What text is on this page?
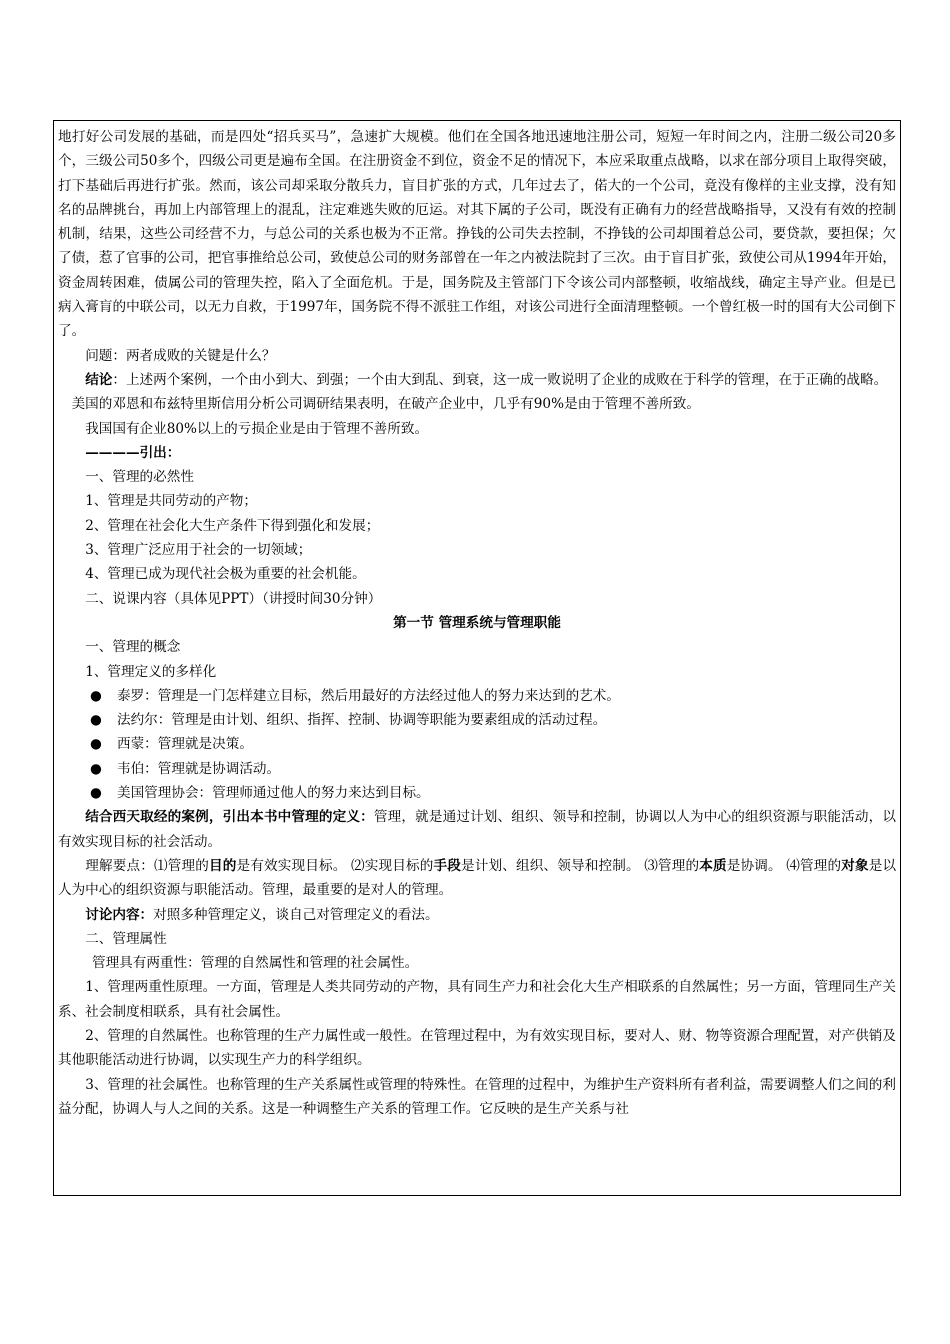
地打好公司发展的基础，而是四处“招兵买马”，急速扩大规模。他们在全国各地迅速地注册公司，短短一年时间之内，注册二级公司20多个，三级公司50多个，四级公司更是遍布全国。在注册资金不到位，资金不足的情况下，本应采取重点战略，以求在部分项目上取得突破，打下基础后再进行扩张。然而，该公司却采取分散兵力，盲目扩张的方式，几年过去了，偌大的一个公司，竟没有像样的主业支撑，没有知名的品牌挑台，再加上内部管理上的混乱，注定难逃失败的厄运。对其下属的子公司，既没有正确有力的经营战略指导，又没有有效的控制机制，结果，这些公司经营不力，与总公司的关系也极为不正常。挣钱的公司失去控制，不挣钱的公司却围着总公司，要贷款，要担保；欠了债，惹了官事的公司，把官事推给总公司，致使总公司的财务部曾在一年之内被法院封了三次。由于盲目扩张，致使公司从1994年开始，资金周转困难，债属公司的管理失控，陷入了全面危机。于是，国务院及主管部门下令该公司内部整顿，收缩战线，确定主导产业。但是已病入膏肓的中联公司，以无力自救，于1997年，国务院不得不派驻工作组，对该公司进行全面清理整顿。一个曾红极一时的国有大公司倒下了。

问题：两者成败的关键是什么？

结论：上述两个案例，一个由小到大、到强；一个由大到乱、到衰，这一成一败说明了企业的成败在于科学的管理，在于正确的战略。

美国的邓恩和布兹特里斯信用分析公司调研结果表明，在破产企业中，几乎有90%是由于管理不善所致。

我国国有企业80%以上的亏损企业是由于管理不善所致。

————引出：

一、管理的必然性

1、管理是共同劳动的产物；

2、管理在社会化大生产条件下得到强化和发展；

3、管理广泛应用于社会的一切领域；

4、管理已成为现代社会极为重要的社会机能。

二、说课内容（具体见PPT）（讲授时间30分钟）

第一节 管理系统与管理职能

一、管理的概念

1、管理定义的多样化

●	泰罗：管理是一门怎样建立目标，然后用最好的方法经过他人的努力来达到的艺术。
●	法约尔：管理是由计划、组织、指挥、控制、协调等职能为要素组成的活动过程。
●	西蒙：管理就是决策。
●	韦伯：管理就是协调活动。
●	美国管理协会：管理师通过他人的努力来达到目标。

结合西天取经的案例，引出本书中管理的定义：管理，就是通过计划、组织、领导和控制，协调以人为中心的组织资源与职能活动，以有效实现目标的社会活动。

理解要点：⑴管理的目的是有效实现目标。 ⑵实现目标的手段是计划、组织、领导和控制。 ⑶管理的本质是协调。 ⑷管理的对象是以人为中心的组织资源与职能活动。管理，最重要的是对人的管理。

讨论内容：对照多种管理定义，谈自己对管理定义的看法。

二、管理属性

管理具有两重性：管理的自然属性和管理的社会属性。

1、管理两重性原理。一方面，管理是人类共同劳动的产物，具有同生产力和社会化大生产相联系的自然属性；另一方面，管理同生产关系、社会制度相联系，具有社会属性。

2、管理的自然属性。也称管理的生产力属性或一般性。在管理过程中，为有效实现目标，要对人、财、物等资源合理配置，对产供销及其他职能活动进行协调，以实现生产力的科学组织。

3、管理的社会属性。也称管理的生产关系属性或管理的特殊性。在管理的过程中，为维护生产资料所有者利益，需要调整人们之间的利益分配，协调人与人之间的关系。这是一种调整生产关系的管理工作。它反映的是生产关系与社
